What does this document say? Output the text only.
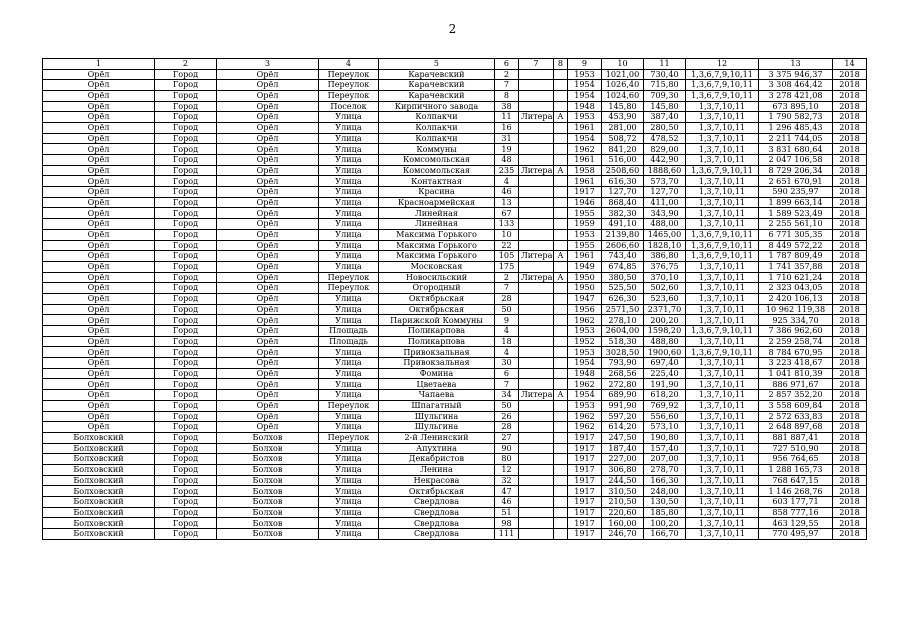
2
1	2	3	4	5	6	7	8	9	10	11	12	13	14
Орёл	Город	Орёл	Переулок	Карачевский	2			1953	1021,00	730,40	1,3,6,7,9,10,11	3 375 946,37	2018
Орёл	Город	Орёл	Переулок	Карачевский	7			1954	1026,40	715,80	1,3,6,7,9,10,11	3 308 464,42	2018
Орёл	Город	Орёл	Переулок	Карачевский	8			1954	1024,60	709,30	1,3,6,7,9,10,11	3 278 421,08	2018
Орёл	Город	Орёл	Поселок	Кирпичного завода	38			1948	145,80	145,80	1,3,7,10,11	673 895,10	2018
Орёл	Город	Орёл	Улица	Колпакчи	11	Литера	А	1953	453,90	387,40	1,3,7,10,11	1 790 582,73	2018
Орёл	Город	Орёл	Улица	Колпакчи	16			1961	281,00	280,50	1,3,7,10,11	1 296 485,43	2018
Орёл	Город	Орёл	Улица	Колпакчи	31			1954	508,72	478,52	1,3,7,10,11	2 211 744,05	2018
Орёл	Город	Орёл	Улица	Коммуны	19			1962	841,20	829,00	1,3,7,10,11	3 831 680,64	2018
Орёл	Город	Орёл	Улица	Комсомольская	48			1961	516,00	442,90	1,3,7,10,11	2 047 106,58	2018
Орёл	Город	Орёл	Улица	Комсомольская	235	Литера	А	1958	2508,60	1888,60	1,3,6,7,9,10,11	8 729 206,34	2018
Орёл	Город	Орёл	Улица	Контактная	4			1961	616,30	573,70	1,3,7,10,11	2 651 670,91	2018
Орёл	Город	Орёл	Улица	Красина	46			1917	127,70	127,70	1,3,7,10,11	590 235,97	2018
Орёл	Город	Орёл	Улица	Красноармейская	13			1946	868,40	411,00	1,3,7,10,11	1 899 663,14	2018
Орёл	Город	Орёл	Улица	Линейная	67			1955	382,30	343,90	1,3,7,10,11	1 589 523,49	2018
Орёл	Город	Орёл	Улица	Линейная	133			1959	491,10	488,00	1,3,7,10,11	2 255 561,10	2018
Орёл	Город	Орёл	Улица	Максима Горького	10			1953	2139,80	1465,00	1,3,6,7,9,10,11	6 771 305,35	2018
Орёл	Город	Орёл	Улица	Максима Горького	22			1955	2606,60	1828,10	1,3,6,7,9,10,11	8 449 572,22	2018
Орёл	Город	Орёл	Улица	Максима Горького	105	Литера	А	1961	743,40	386,80	1,3,6,7,9,10,11	1 787 809,49	2018
Орёл	Город	Орёл	Улица	Московская	175			1949	674,85	376,75	1,3,7,10,11	1 741 357,88	2018
Орёл	Город	Орёл	Переулок	Новосильский	2	Литера	А	1950	380,50	370,10	1,3,7,10,11	1 710 621,24	2018
Орёл	Город	Орёл	Переулок	Огородный	7			1950	525,50	502,60	1,3,7,10,11	2 323 043,05	2018
Орёл	Город	Орёл	Улица	Октябрьская	28			1947	626,30	523,60	1,3,7,10,11	2 420 106,13	2018
Орёл	Город	Орёл	Улица	Октябрьская	50			1956	2571,50	2371,70	1,3,7,10,11	10 962 119,38	2018
Орёл	Город	Орёл	Улица	Парижской Коммуны	9			1962	278,10	200,20	1,3,7,10,11	925 334,70	2018
Орёл	Город	Орёл	Площадь	Поликарпова	4			1953	2604,00	1598,20	1,3,6,7,9,10,11	7 386 962,60	2018
Орёл	Город	Орёл	Площадь	Поликарпова	18			1952	518,30	488,80	1,3,7,10,11	2 259 258,74	2018
Орёл	Город	Орёл	Улица	Привокзальная	4			1953	3028,50	1900,60	1,3,6,7,9,10,11	8 784 670,95	2018
Орёл	Город	Орёл	Улица	Привокзальная	30			1954	793,90	697,40	1,3,7,10,11	3 223 418,67	2018
Орёл	Город	Орёл	Улица	Фомина	6			1948	268,56	225,40	1,3,7,10,11	1 041 810,39	2018
Орёл	Город	Орёл	Улица	Цветаева	7			1962	272,80	191,90	1,3,7,10,11	886 971,67	2018
Орёл	Город	Орёл	Улица	Чапаева	34	Литера	А	1954	689,90	618,20	1,3,7,10,11	2 857 352,20	2018
Орёл	Город	Орёл	Переулок	Шпагатный	50			1953	991,90	769,92	1,3,7,10,11	3 558 609,84	2018
Орёл	Город	Орёл	Улица	Шульгина	26			1962	597,20	556,60	1,3,7,10,11	2 572 633,83	2018
Орёл	Город	Орёл	Улица	Шульгина	28			1962	614,20	573,10	1,3,7,10,11	2 648 897,68	2018
Болховский	Город	Болхов	Переулок	2-й Ленинский	27			1917	247,50	190,80	1,3,7,10,11	881 887,41	2018
Болховский	Город	Болхов	Улица	Апухтина	90			1917	187,40	157,40	1,3,7,10,11	727 510,90	2018
Болховский	Город	Болхов	Улица	Декабристов	80			1917	227,00	207,00	1,3,7,10,11	956 764,65	2018
Болховский	Город	Болхов	Улица	Ленина	12			1917	306,80	278,70	1,3,7,10,11	1 288 165,73	2018
Болховский	Город	Болхов	Улица	Некрасова	32			1917	244,50	166,30	1,3,7,10,11	768 647,15	2018
Болховский	Город	Болхов	Улица	Октябрьская	47			1917	310,50	248,00	1,3,7,10,11	1 146 268,76	2018
Болховский	Город	Болхов	Улица	Свердлова	46			1917	210,50	130,50	1,3,7,10,11	603 177,71	2018
Болховский	Город	Болхов	Улица	Свердлова	51			1917	220,60	185,80	1,3,7,10,11	858 777,16	2018
Болховский	Город	Болхов	Улица	Свердлова	98			1917	160,00	100,20	1,3,7,10,11	463 129,55	2018
Болховский	Город	Болхов	Улица	Свердлова	111			1917	246,70	166,70	1,3,7,10,11	770 495,97	2018
